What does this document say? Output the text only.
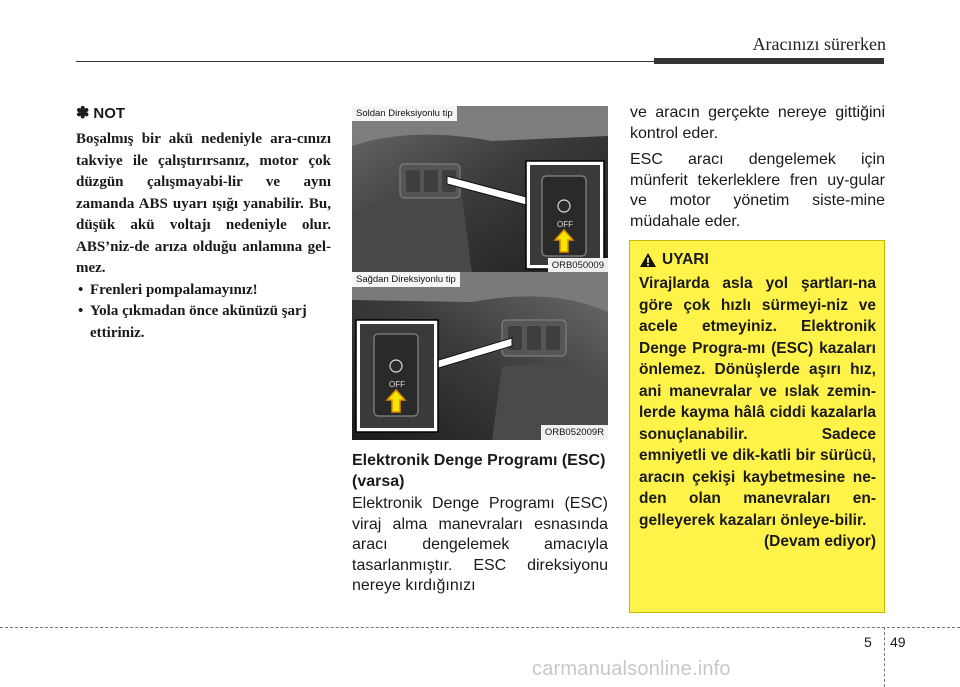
Aracınızı sürerken
✽ NOT

Boşalmış bir akü nedeniyle ara-cınızı takviye ile çalıştırırsanız, motor çok düzgün çalışmayabi-lir ve aynı zamanda ABS uyarı ışığı yanabilir. Bu, düşük akü voltajı nedeniyle olur. ABS’niz-de arıza olduğu anlamına gel-mez.

• Frenleri pompalamayınız!
• Yola çıkmadan önce akünüzü şarj ettiriniz.
OFF
Soldan Direksiyonlu tip
ORB050009
OFF
Sağdan Direksiyonlu tip
ORB052009R
Elektronik Denge Programı (ESC) (varsa)

Elektronik Denge Programı (ESC) viraj alma manevraları esnasında aracı dengelemek amacıyla tasarlanmıştır. ESC direksiyonu nereye kırdığınızı

ve aracın gerçekte nereye gittiğini kontrol eder.

ESC aracı dengelemek için münferit tekerleklere fren uy-gular ve motor yönetim siste-mine müdahale eder.

UYARI

Virajlarda asla yol şartları-na göre çok hızlı sürmeyi-niz ve acele etmeyiniz. Elektronik Denge Progra-mı (ESC) kazaları önlemez. Dönüşlerde aşırı hız, ani manevralar ve ıslak zemin-lerde kayma hâlâ ciddi kazalarla sonuçlanabilir. Sadece emniyetli ve dik-katli bir sürücü, aracın çekişi kaybetmesine ne-den olan manevraları en-gelleyerek kazaları önleye-bilir.

(Devam ediyor)
5 49
carmanualsonline.info
